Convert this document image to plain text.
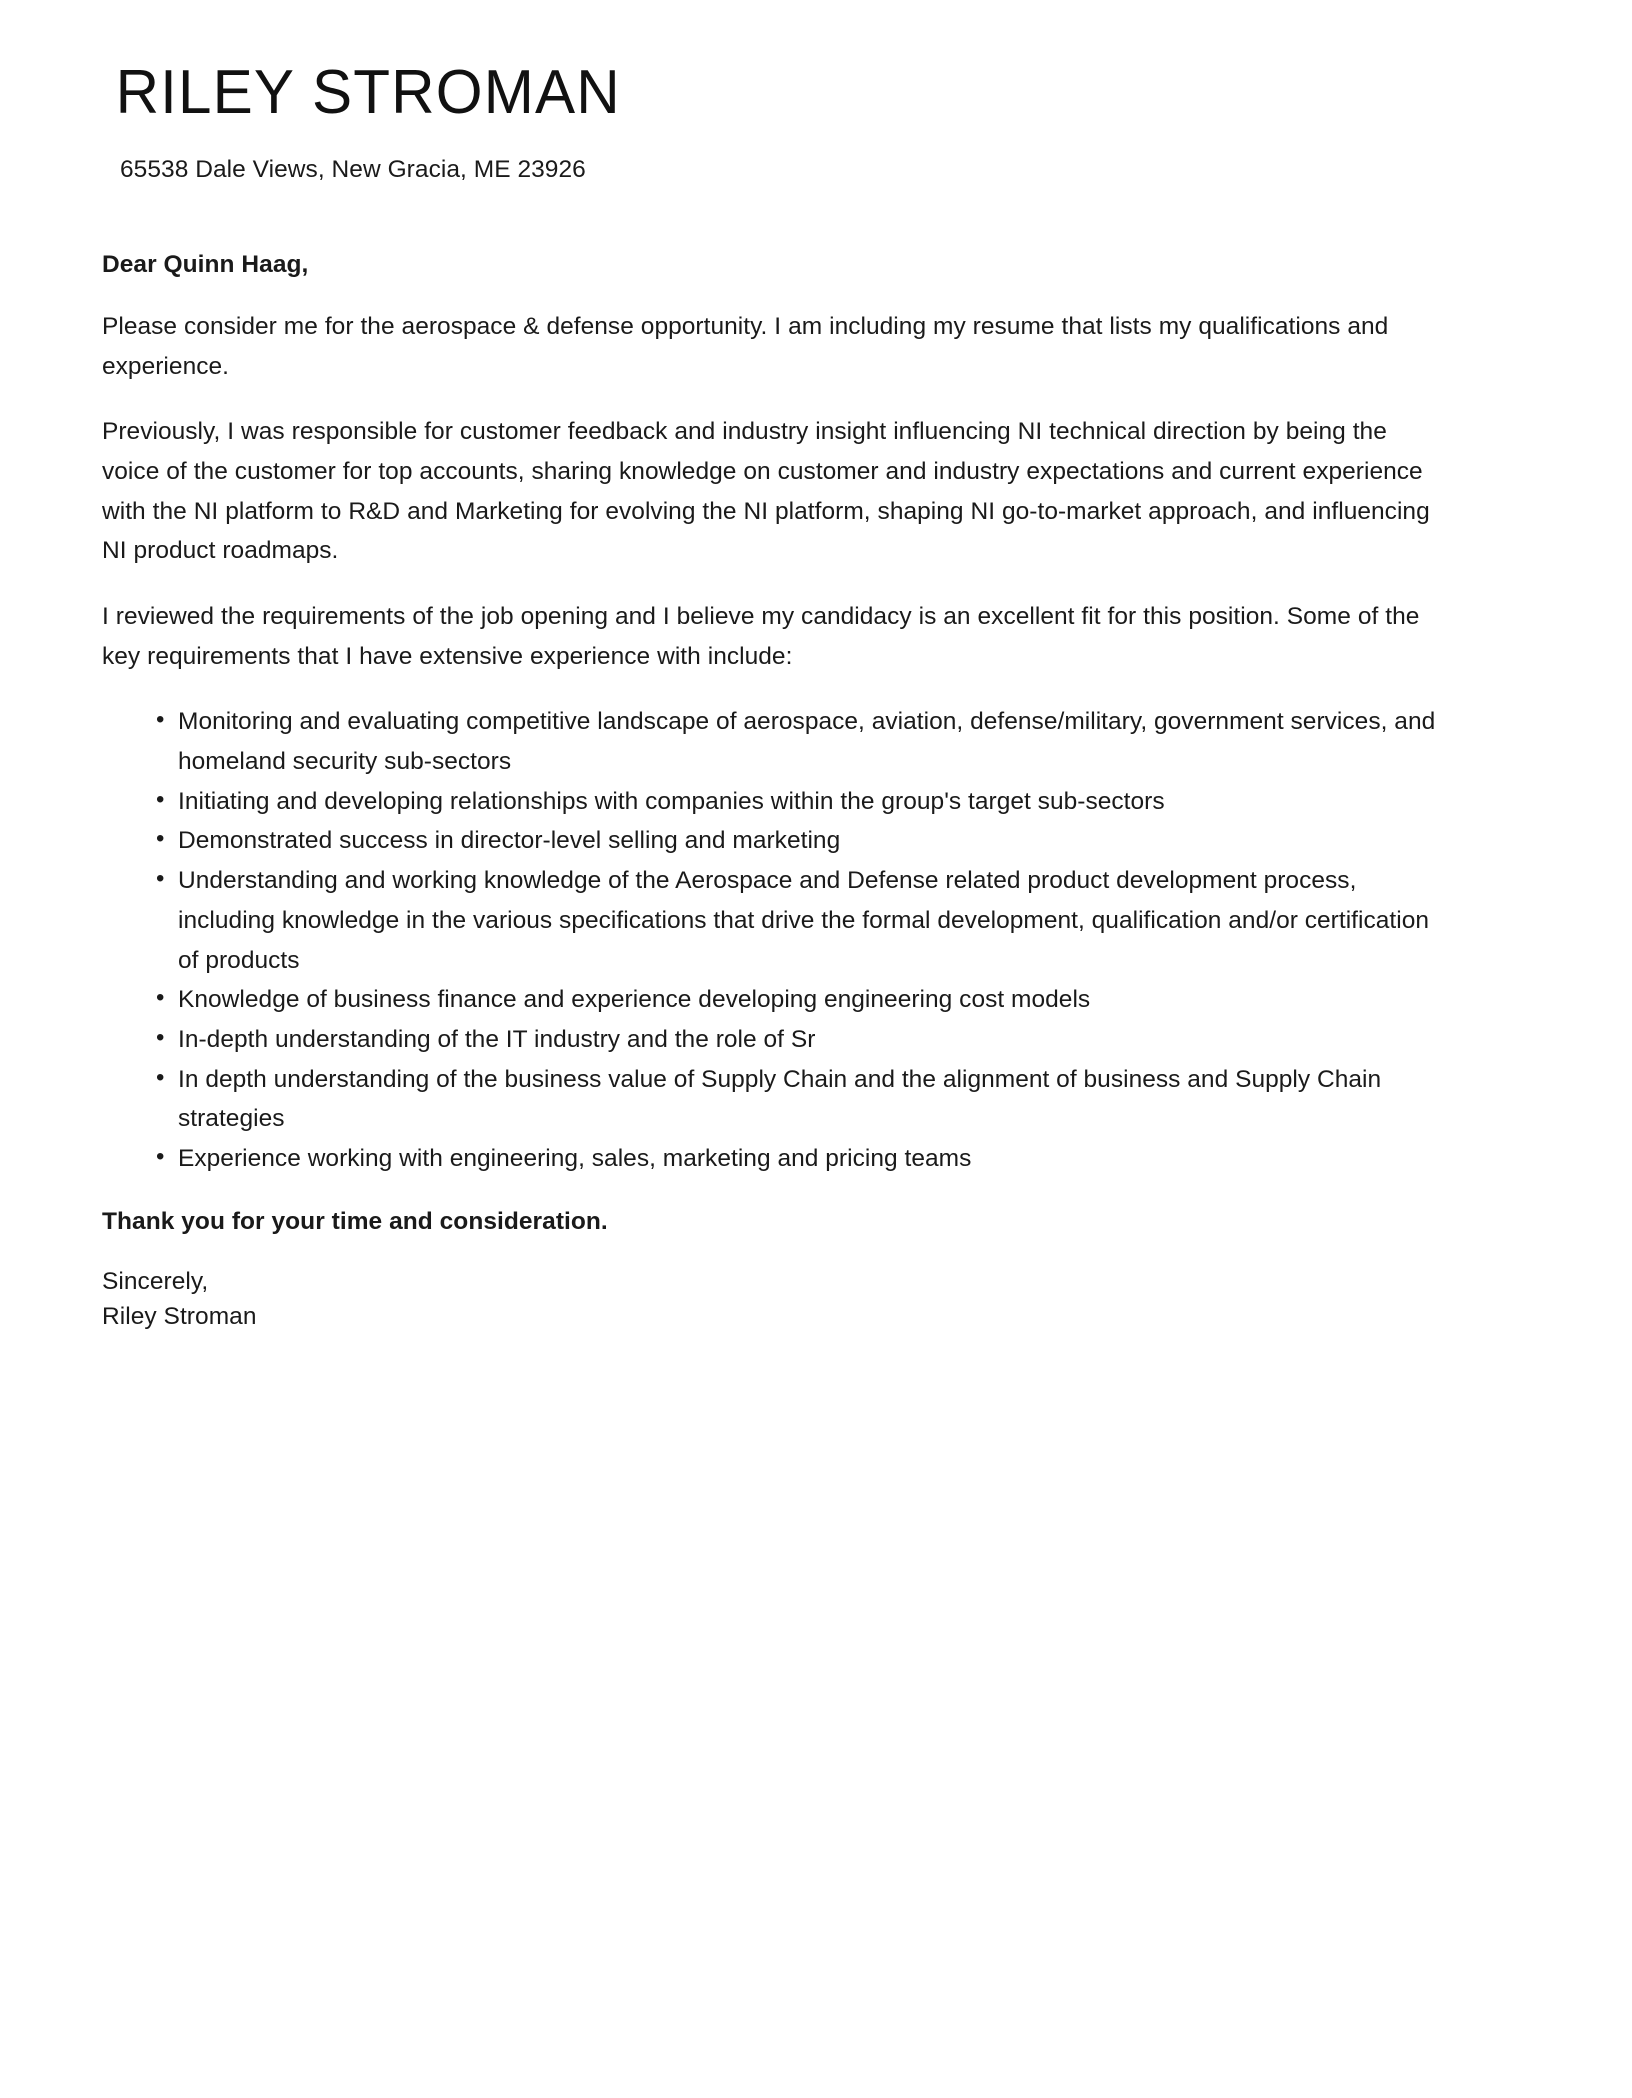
RILEY STROMAN
65538 Dale Views, New Gracia, ME 23926
Dear Quinn Haag,

Please consider me for the aerospace & defense opportunity. I am including my resume that lists my qualifications and experience.

Previously, I was responsible for customer feedback and industry insight influencing NI technical direction by being the voice of the customer for top accounts, sharing knowledge on customer and industry expectations and current experience with the NI platform to R&D and Marketing for evolving the NI platform, shaping NI go-to-market approach, and influencing NI product roadmaps.

I reviewed the requirements of the job opening and I believe my candidacy is an excellent fit for this position. Some of the key requirements that I have extensive experience with include:

• Monitoring and evaluating competitive landscape of aerospace, aviation, defense/military, government services, and homeland security sub-sectors
• Initiating and developing relationships with companies within the group's target sub-sectors
• Demonstrated success in director-level selling and marketing
• Understanding and working knowledge of the Aerospace and Defense related product development process, including knowledge in the various specifications that drive the formal development, qualification and/or certification of products
• Knowledge of business finance and experience developing engineering cost models
• In-depth understanding of the IT industry and the role of Sr
• In depth understanding of the business value of Supply Chain and the alignment of business and Supply Chain strategies
• Experience working with engineering, sales, marketing and pricing teams
Thank you for your time and consideration.
Sincerely,
Riley Stroman
